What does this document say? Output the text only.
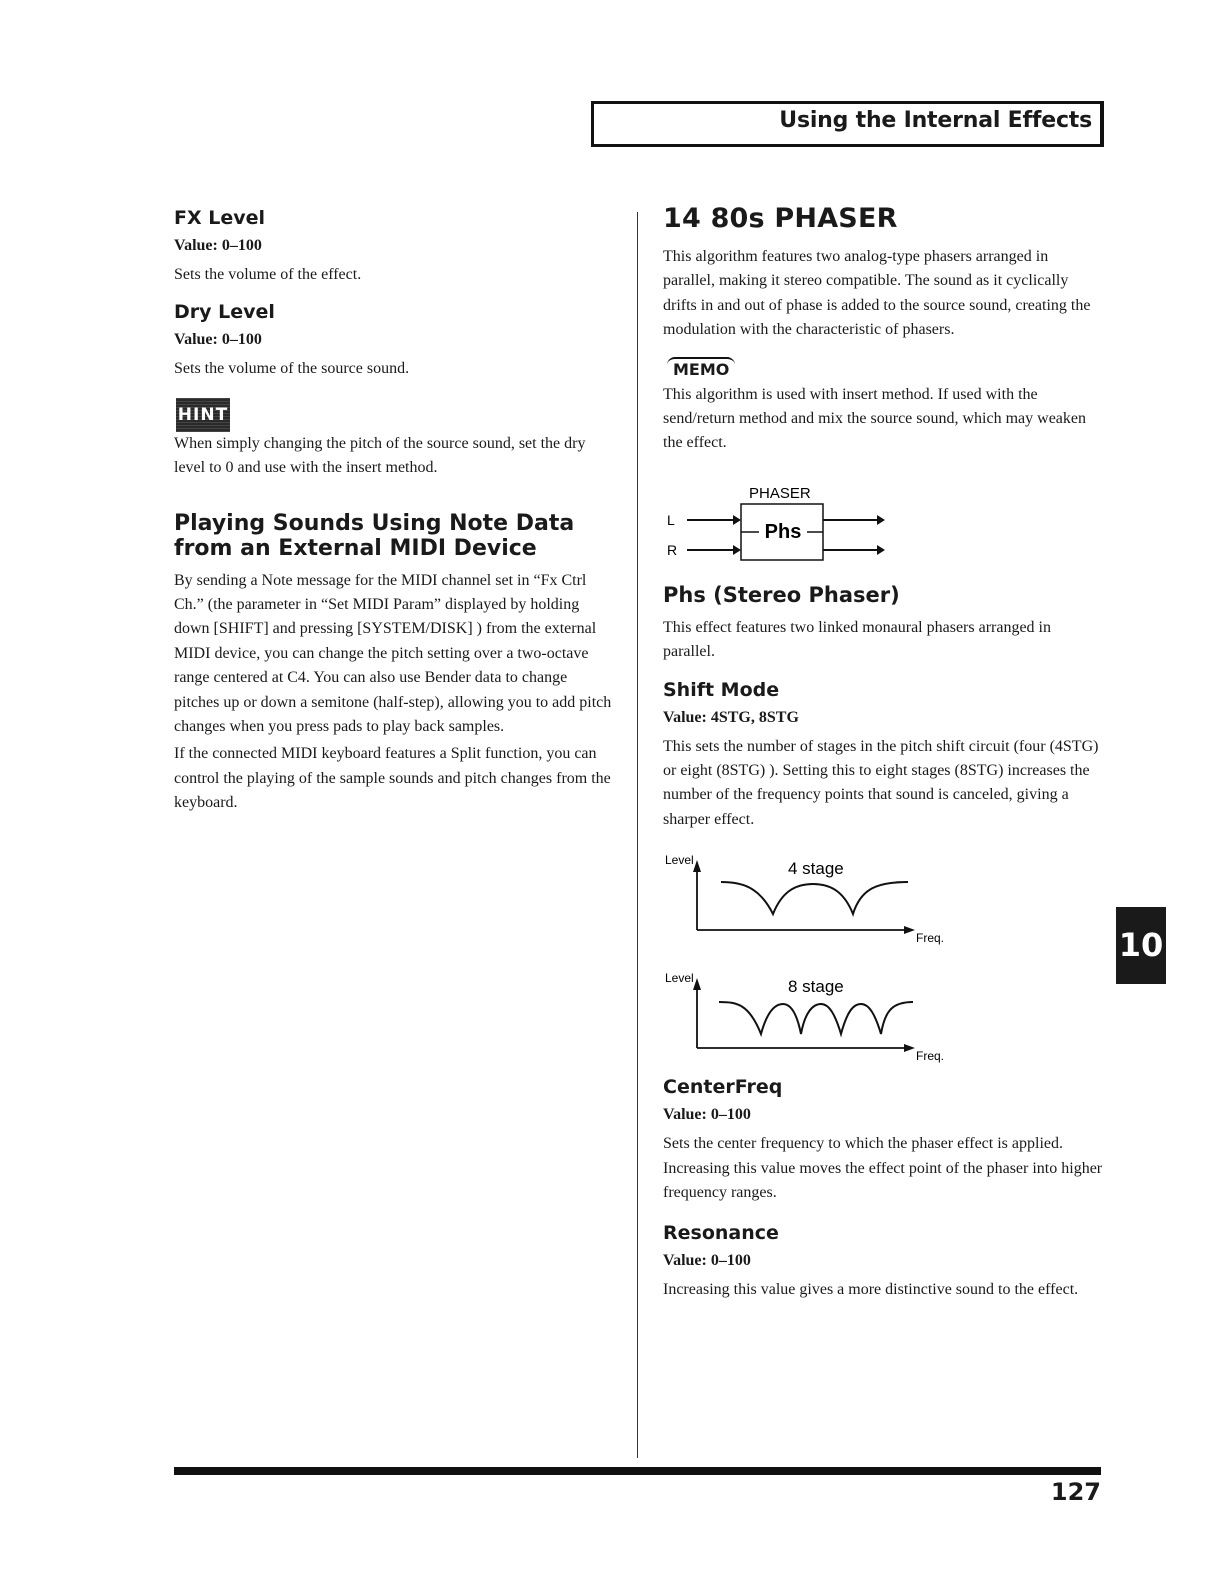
Using the Internal Effects
FX Level
Value: 0–100

Sets the volume of the effect.

Dry Level
Value: 0–100

Sets the volume of the source sound.

HINT

When simply changing the pitch of the source sound, set the dry level to 0 and use with the insert method.

Playing Sounds Using Note Data from an External MIDI Device

By sending a Note message for the MIDI channel set in “Fx Ctrl Ch.” (the parameter in “Set MIDI Param” displayed by holding down [SHIFT] and pressing [SYSTEM/DISK] ) from the external MIDI device, you can change the pitch setting over a two-octave range centered at C4. You can also use Bender data to change pitches up or down a semitone (half-step), allowing you to add pitch changes when you press pads to play back samples.

If the connected MIDI keyboard features a Split function, you can control the playing of the sample sounds and pitch changes from the keyboard.

14 80s PHASER

This algorithm features two analog-type phasers arranged in parallel, making it stereo compatible. The sound as it cyclically drifts in and out of phase is added to the source sound, creating the modulation with the characteristic of phasers.

MEMO

This algorithm is used with insert method. If used with the send/return method and mix the source sound, which may weaken the effect.

PHASER
L
R
Phs
Phs (Stereo Phaser)

This effect features two linked monaural phasers arranged in parallel.

Shift Mode
Value: 4STG, 8STG

This sets the number of stages in the pitch shift circuit (four (4STG) or eight (8STG) ). Setting this to eight stages (8STG) increases the number of the frequency points that sound is canceled, giving a sharper effect.

Level	4 stage
Freq.
Level	8 stage
Freq.
CenterFreq
Value: 0–100

Sets the center frequency to which the phaser effect is applied. Increasing this value moves the effect point of the phaser into higher frequency ranges.

Resonance
Value: 0–100

Increasing this value gives a more distinctive sound to the effect.

10
127
